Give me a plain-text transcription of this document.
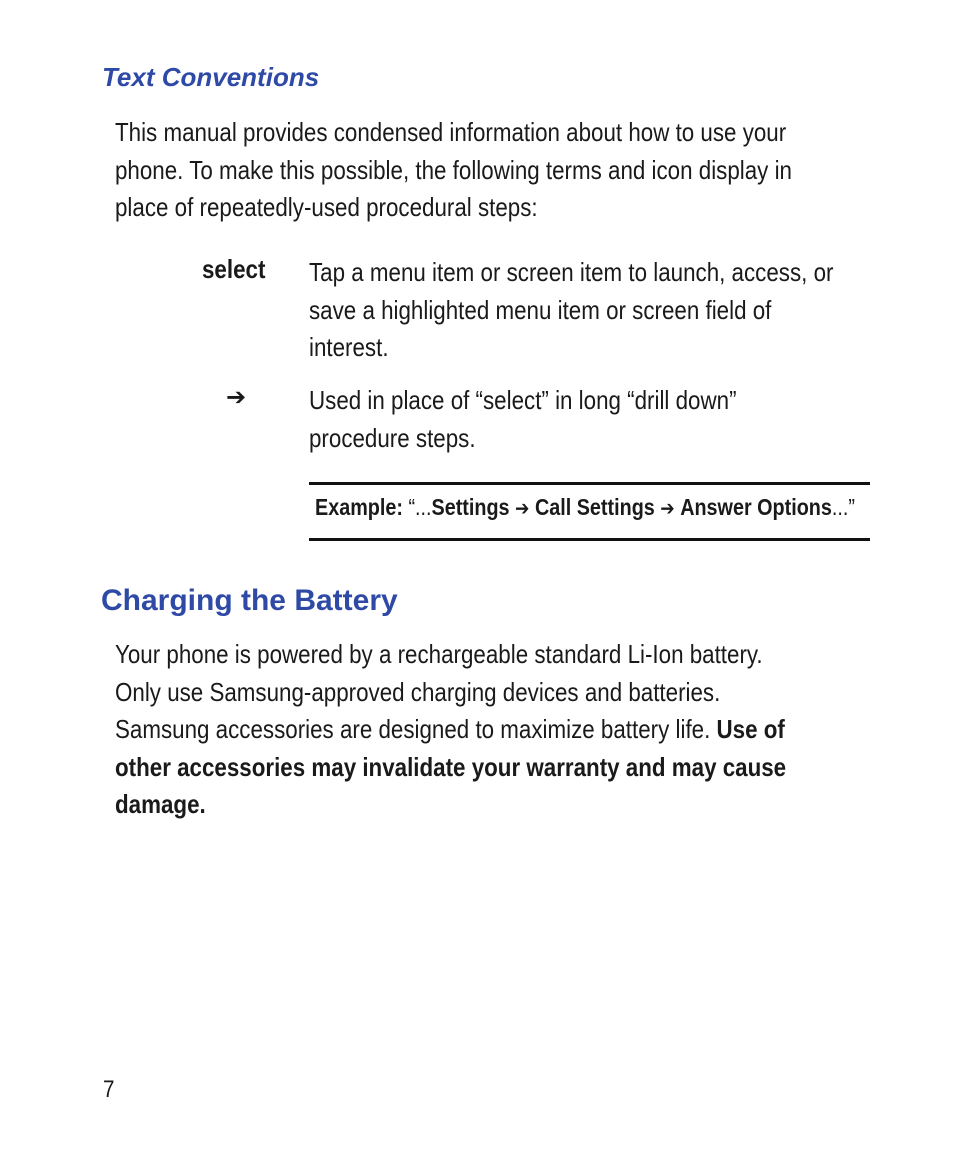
Text Conventions
This manual provides condensed information about how to use your
phone. To make this possible, the following terms and icon display in
place of repeatedly-used procedural steps:
select Tap a menu item or screen item to launch, access, or
save a highlighted menu item or screen field of
interest.
➔ Used in place of “select” in long “drill down”
procedure steps.
Example: “...Settings ➔ Call Settings ➔ Answer Options...”
Charging the Battery
Your phone is powered by a rechargeable standard Li-Ion battery.
Only use Samsung-approved charging devices and batteries.
Samsung accessories are designed to maximize battery life. Use of
other accessories may invalidate your warranty and may cause
damage.
7
